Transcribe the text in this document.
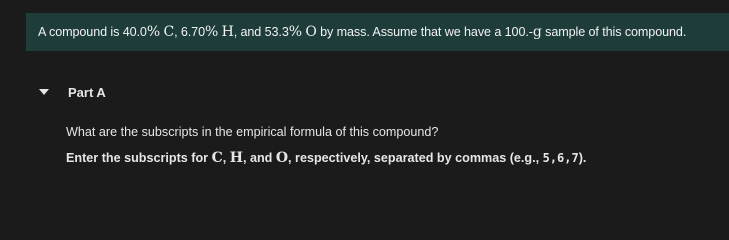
A compound is 40.0% C, 6.70% H, and 53.3% O by mass. Assume that we have a 100.-g sample of this compound.
Part A
What are the subscripts in the empirical formula of this compound?
Enter the subscripts for C, H, and O, respectively, separated by commas (e.g., 5,6,7).
